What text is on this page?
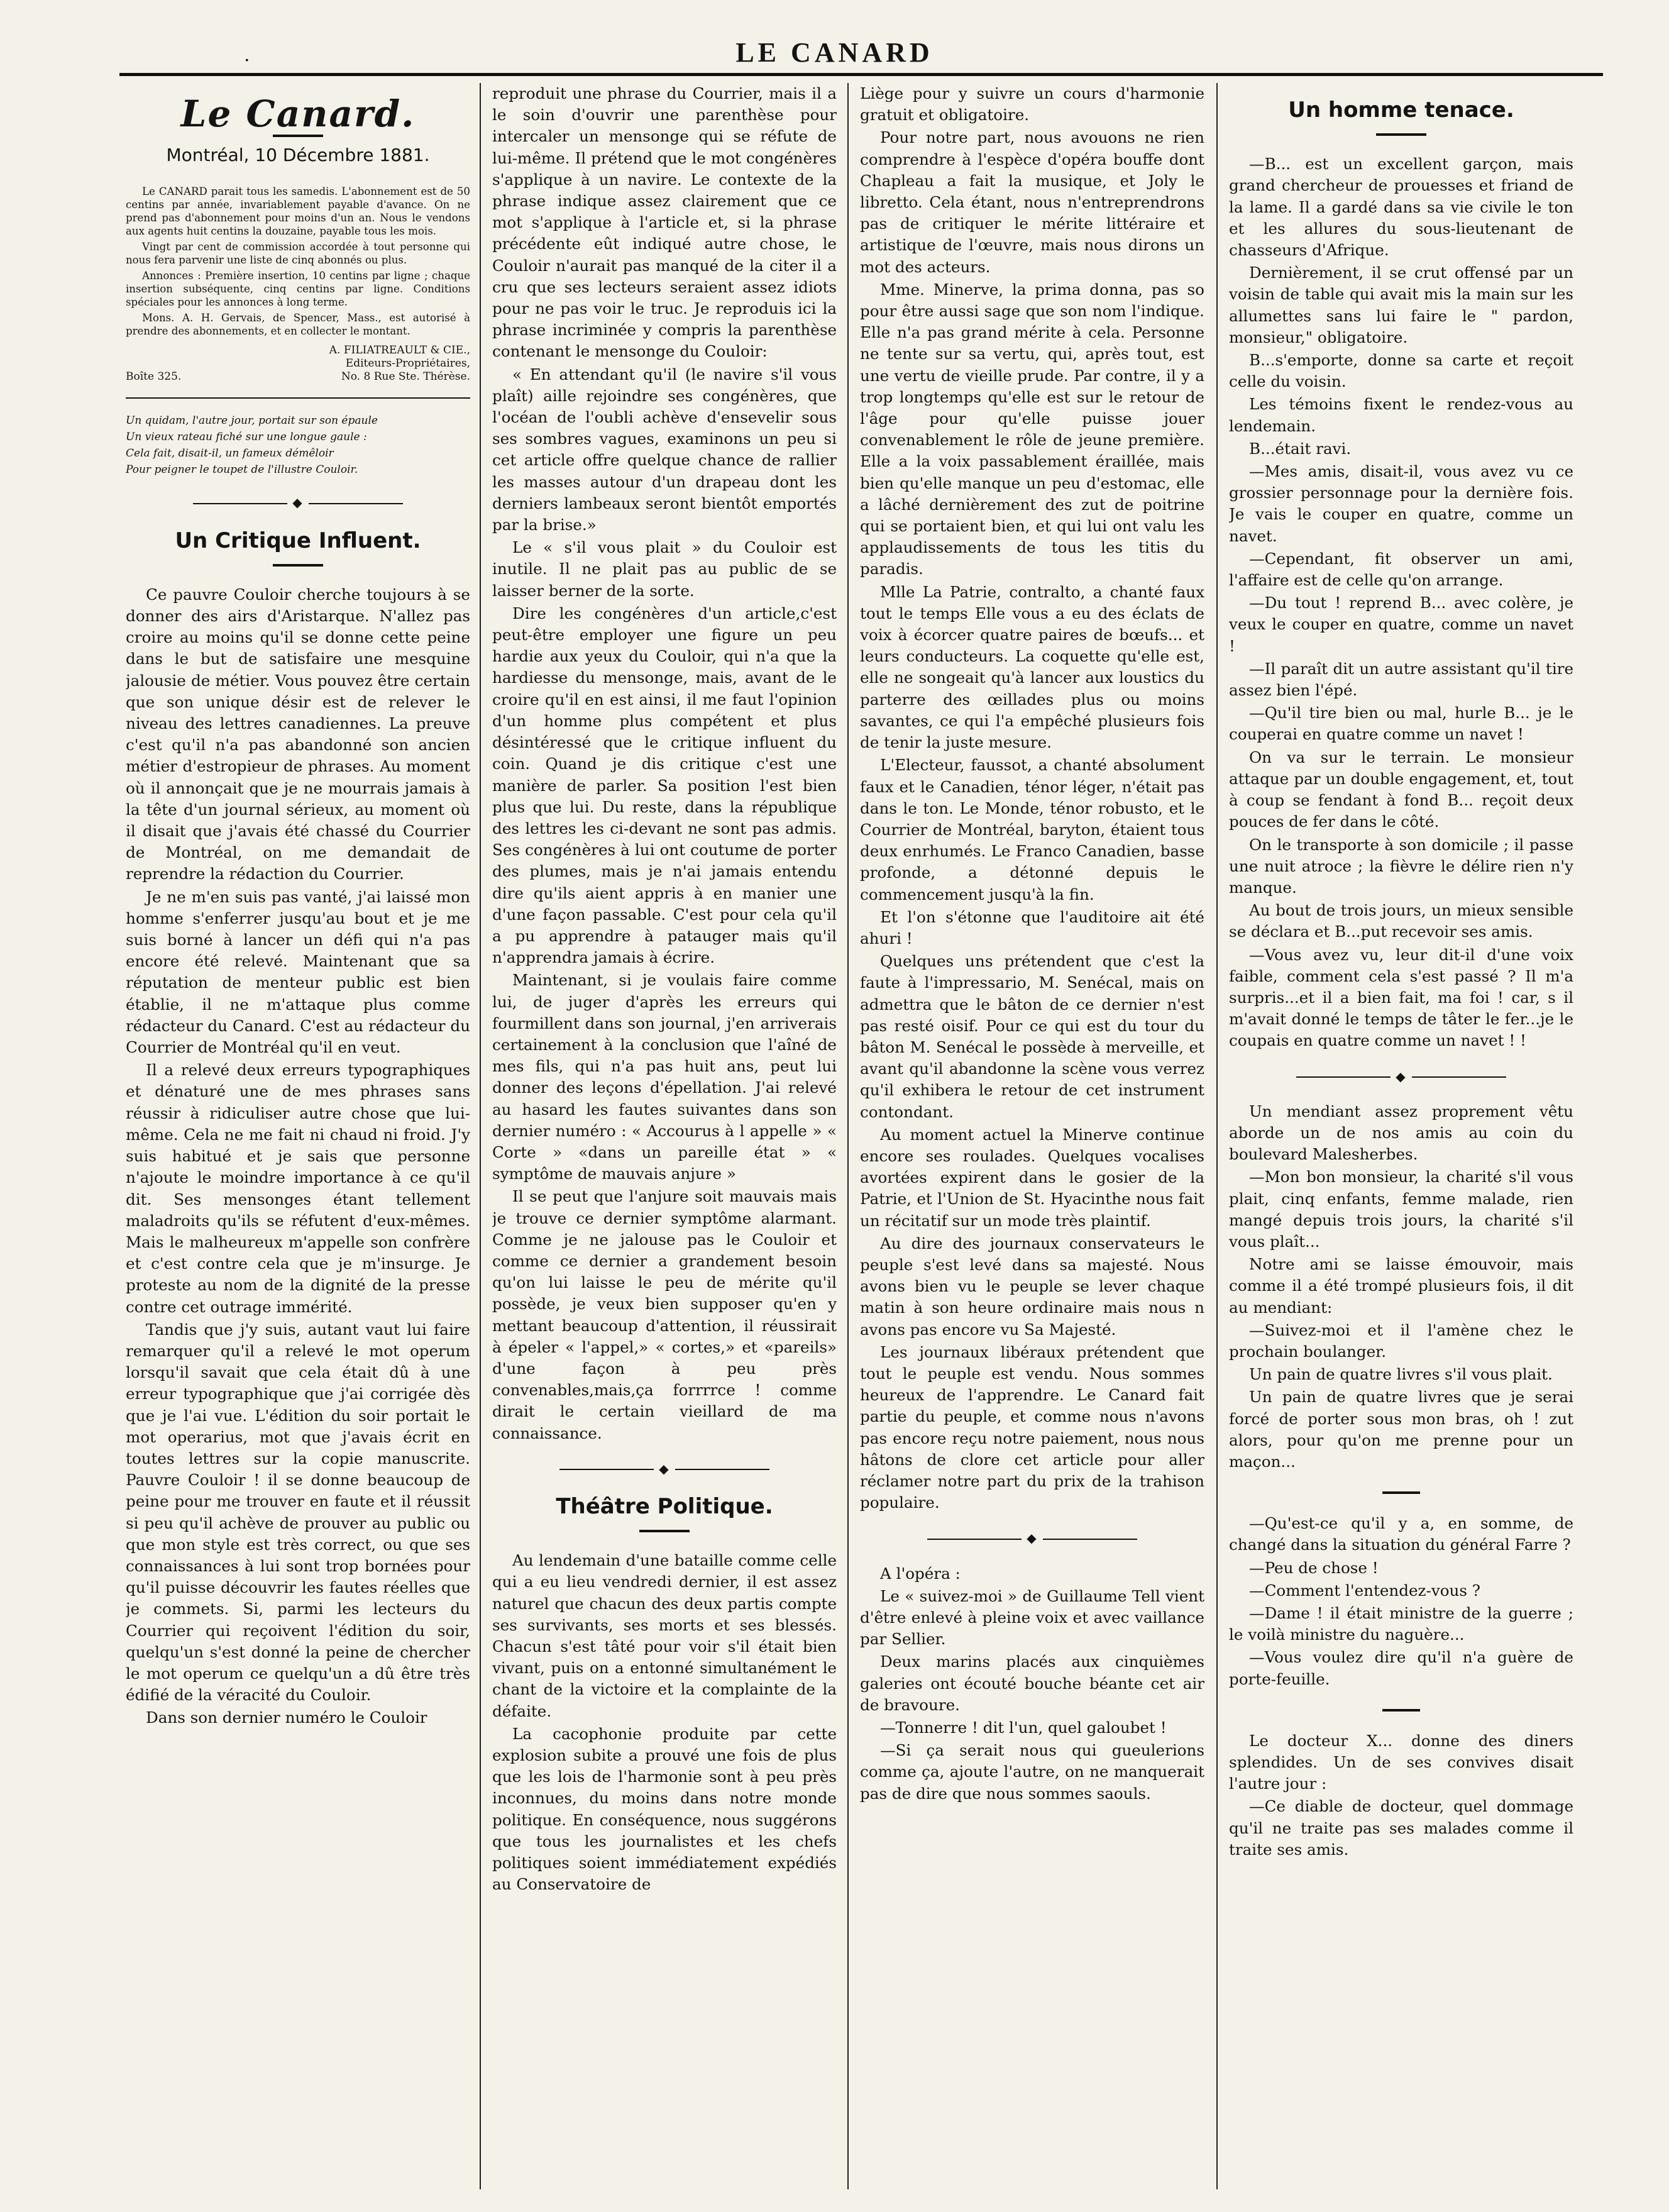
.	LE CANARD
Le Canard.
Montréal, 10 Décembre 1881.

Le CANARD parait tous les samedis. L'abonnement est de 50 centins par année, invariablement payable d'avance. On ne prend pas d'abonnement pour moins d'un an. Nous le vendons aux agents huit centins la douzaine, payable tous les mois.

Vingt par cent de commission accordée à tout personne qui nous fera parvenir une liste de cinq abonnés ou plus.

Annonces : Première insertion, 10 centins par ligne ; chaque insertion subséquente, cinq centins par ligne. Conditions spéciales pour les annonces à long terme.

Mons. A. H. Gervais, de Spencer, Mass., est autorisé à prendre des abonnements, et en collecter le montant.

A. FILIATREAULT & CIE.,
Editeurs-Propriétaires,
Boîte 325.	No. 8 Rue Ste. Thérèse.
Un quidam, l'autre jour, portait sur son épaule
Un vieux rateau fiché sur une longue gaule :
Cela fait, disait-il, un fameux démêloir
Pour peigner le toupet de l'illustre Couloir.
◆
Un Critique Influent.

Ce pauvre Couloir cherche toujours à se donner des airs d'Aristarque. N'allez pas croire au moins qu'il se donne cette peine dans le but de satisfaire une mesquine jalousie de métier. Vous pouvez être certain que son unique désir est de relever le niveau des lettres canadiennes. La preuve c'est qu'il n'a pas abandonné son ancien métier d'estropieur de phrases. Au moment où il annonçait que je ne mourrais jamais à la tête d'un journal sérieux, au moment où il disait que j'avais été chassé du Courrier de Montréal, on me demandait de reprendre la rédaction du Courrier.

Je ne m'en suis pas vanté, j'ai laissé mon homme s'enferrer jusqu'au bout et je me suis borné à lancer un défi qui n'a pas encore été relevé. Maintenant que sa réputation de menteur public est bien établie, il ne m'attaque plus comme rédacteur du Canard. C'est au rédacteur du Courrier de Montréal qu'il en veut.

Il a relevé deux erreurs typographiques et dénaturé une de mes phrases sans réussir à ridiculiser autre chose que lui-même. Cela ne me fait ni chaud ni froid. J'y suis habitué et je sais que personne n'ajoute le moindre importance à ce qu'il dit. Ses mensonges étant tellement maladroits qu'ils se réfutent d'eux-mêmes. Mais le malheureux m'appelle son confrère et c'est contre cela que je m'insurge. Je proteste au nom de la dignité de la presse contre cet outrage immérité.

Tandis que j'y suis, autant vaut lui faire remarquer qu'il a relevé le mot operum lorsqu'il savait que cela était dû à une erreur typographique que j'ai corrigée dès que je l'ai vue. L'édition du soir portait le mot operarius, mot que j'avais écrit en toutes lettres sur la copie manuscrite. Pauvre Couloir ! il se donne beaucoup de peine pour me trouver en faute et il réussit si peu qu'il achève de prouver au public ou que mon style est très correct, ou que ses connaissances à lui sont trop bornées pour qu'il puisse découvrir les fautes réelles que je commets. Si, parmi les lecteurs du Courrier qui reçoivent l'édition du soir, quelqu'un s'est donné la peine de chercher le mot operum ce quelqu'un a dû être très édifié de la véracité du Couloir.

Dans son dernier numéro le Couloir

reproduit une phrase du Courrier, mais il a le soin d'ouvrir une parenthèse pour intercaler un mensonge qui se réfute de lui-même. Il prétend que le mot congénères s'applique à un navire. Le contexte de la phrase indique assez clairement que ce mot s'applique à l'article et, si la phrase précédente eût indiqué autre chose, le Couloir n'aurait pas manqué de la citer il a cru que ses lecteurs seraient assez idiots pour ne pas voir le truc. Je reproduis ici la phrase incriminée y compris la parenthèse contenant le mensonge du Couloir:

« En attendant qu'il (le navire s'il vous plaît) aille rejoindre ses congénères, que l'océan de l'oubli achève d'ensevelir sous ses sombres vagues, examinons un peu si cet article offre quelque chance de rallier les masses autour d'un drapeau dont les derniers lambeaux seront bientôt emportés par la brise.»

Le « s'il vous plait » du Couloir est inutile. Il ne plait pas au public de se laisser berner de la sorte.

Dire les congénères d'un article,c'est peut-être employer une figure un peu hardie aux yeux du Couloir, qui n'a que la hardiesse du mensonge, mais, avant de le croire qu'il en est ainsi, il me faut l'opinion d'un homme plus compétent et plus désintéressé que le critique influent du coin. Quand je dis critique c'est une manière de parler. Sa position l'est bien plus que lui. Du reste, dans la république des lettres les ci-devant ne sont pas admis. Ses congénères à lui ont coutume de porter des plumes, mais je n'ai jamais entendu dire qu'ils aient appris à en manier une d'une façon passable. C'est pour cela qu'il a pu apprendre à patauger mais qu'il n'apprendra jamais à écrire.

Maintenant, si je voulais faire comme lui, de juger d'après les erreurs qui fourmillent dans son journal, j'en arriverais certainement à la conclusion que l'aîné de mes fils, qui n'a pas huit ans, peut lui donner des leçons d'épellation. J'ai relevé au hasard les fautes suivantes dans son dernier numéro : « Accourus à l appelle » « Corte » «dans un pareille état » « symptôme de mauvais anjure »

Il se peut que l'anjure soit mauvais mais je trouve ce dernier symptôme alarmant. Comme je ne jalouse pas le Couloir et comme ce dernier a grandement besoin qu'on lui laisse le peu de mérite qu'il possède, je veux bien supposer qu'en y mettant beaucoup d'attention, il réussirait à épeler « l'appel,» « cortes,» et «pareils» d'une façon à peu près convenables,mais,ça forrrrce ! comme dirait le certain vieillard de ma connaissance.

◆
Théâtre Politique.

Au lendemain d'une bataille comme celle qui a eu lieu vendredi dernier, il est assez naturel que chacun des deux partis compte ses survivants, ses morts et ses blessés. Chacun s'est tâté pour voir s'il était bien vivant, puis on a entonné simultanément le chant de la victoire et la complainte de la défaite.

La cacophonie produite par cette explosion subite a prouvé une fois de plus que les lois de l'harmonie sont à peu près inconnues, du moins dans notre monde politique. En conséquence, nous suggérons que tous les journalistes et les chefs politiques soient immédiatement expédiés au Conservatoire de

Liège pour y suivre un cours d'harmonie gratuit et obligatoire.

Pour notre part, nous avouons ne rien comprendre à l'espèce d'opéra bouffe dont Chapleau a fait la musique, et Joly le libretto. Cela étant, nous n'entreprendrons pas de critiquer le mérite littéraire et artistique de l'œuvre, mais nous dirons un mot des acteurs.

Mme. Minerve, la prima donna, pas so pour être aussi sage que son nom l'indique. Elle n'a pas grand mérite à cela. Personne ne tente sur sa vertu, qui, après tout, est une vertu de vieille prude. Par contre, il y a trop longtemps qu'elle est sur le retour de l'âge pour qu'elle puisse jouer convenablement le rôle de jeune première. Elle a la voix passablement éraillée, mais bien qu'elle manque un peu d'estomac, elle a lâché dernièrement des zut de poitrine qui se portaient bien, et qui lui ont valu les applaudissements de tous les titis du paradis.

Mlle La Patrie, contralto, a chanté faux tout le temps Elle vous a eu des éclats de voix à écorcer quatre paires de bœufs... et leurs conducteurs. La coquette qu'elle est, elle ne songeait qu'à lancer aux loustics du parterre des œillades plus ou moins savantes, ce qui l'a empêché plusieurs fois de tenir la juste mesure.

L'Electeur, faussot, a chanté absolument faux et le Canadien, ténor léger, n'était pas dans le ton. Le Monde, ténor robusto, et le Courrier de Montréal, baryton, étaient tous deux enrhumés. Le Franco Canadien, basse profonde, a détonné depuis le commencement jusqu'à la fin.

Et l'on s'étonne que l'auditoire ait été ahuri !

Quelques uns prétendent que c'est la faute à l'impressario, M. Senécal, mais on admettra que le bâton de ce dernier n'est pas resté oisif. Pour ce qui est du tour du bâton M. Senécal le possède à merveille, et avant qu'il abandonne la scène vous verrez qu'il exhibera le retour de cet instrument contondant.

Au moment actuel la Minerve continue encore ses roulades. Quelques vocalises avortées expirent dans le gosier de la Patrie, et l'Union de St. Hyacinthe nous fait un récitatif sur un mode très plaintif.

Au dire des journaux conservateurs le peuple s'est levé dans sa majesté. Nous avons bien vu le peuple se lever chaque matin à son heure ordinaire mais nous n avons pas encore vu Sa Majesté.

Les journaux libéraux prétendent que tout le peuple est vendu. Nous sommes heureux de l'apprendre. Le Canard fait partie du peuple, et comme nous n'avons pas encore reçu notre paiement, nous nous hâtons de clore cet article pour aller réclamer notre part du prix de la trahison populaire.

◆

A l'opéra :

Le « suivez-moi » de Guillaume Tell vient d'être enlevé à pleine voix et avec vaillance par Sellier.

Deux marins placés aux cinquièmes galeries ont écouté bouche béante cet air de bravoure.

—Tonnerre ! dit l'un, quel galoubet !

—Si ça serait nous qui gueulerions comme ça, ajoute l'autre, on ne manquerait pas de dire que nous sommes saouls.

Un homme tenace.

—B... est un excellent garçon, mais grand chercheur de prouesses et friand de la lame. Il a gardé dans sa vie civile le ton et les allures du sous-lieutenant de chasseurs d'Afrique.

Dernièrement, il se crut offensé par un voisin de table qui avait mis la main sur les allumettes sans lui faire le " pardon, monsieur," obligatoire.

B...s'emporte, donne sa carte et reçoit celle du voisin.

Les témoins fixent le rendez-vous au lendemain.

B...était ravi.

—Mes amis, disait-il, vous avez vu ce grossier personnage pour la dernière fois. Je vais le couper en quatre, comme un navet.

—Cependant, fit observer un ami, l'affaire est de celle qu'on arrange.

—Du tout ! reprend B... avec colère, je veux le couper en quatre, comme un navet !

—Il paraît dit un autre assistant qu'il tire assez bien l'épé.

—Qu'il tire bien ou mal, hurle B... je le couperai en quatre comme un navet !

On va sur le terrain. Le monsieur attaque par un double engagement, et, tout à coup se fendant à fond B... reçoit deux pouces de fer dans le côté.

On le transporte à son domicile ; il passe une nuit atroce ; la fièvre le délire rien n'y manque.

Au bout de trois jours, un mieux sensible se déclara et B...put recevoir ses amis.

—Vous avez vu, leur dit-il d'une voix faible, comment cela s'est passé ? Il m'a surpris...et il a bien fait, ma foi ! car, s il m'avait donné le temps de tâter le fer...je le coupais en quatre comme un navet ! !

◆

Un mendiant assez proprement vêtu aborde un de nos amis au coin du boulevard Malesherbes.

—Mon bon monsieur, la charité s'il vous plait, cinq enfants, femme malade, rien mangé depuis trois jours, la charité s'il vous plaît...

Notre ami se laisse émouvoir, mais comme il a été trompé plusieurs fois, il dit au mendiant:

—Suivez-moi et il l'amène chez le prochain boulanger.

Un pain de quatre livres s'il vous plait.

Un pain de quatre livres que je serai forcé de porter sous mon bras, oh ! zut alors, pour qu'on me prenne pour un maçon...

—Qu'est-ce qu'il y a, en somme, de changé dans la situation du général Farre ?

—Peu de chose !

—Comment l'entendez-vous ?

—Dame ! il était ministre de la guerre ; le voilà ministre du naguère...

—Vous voulez dire qu'il n'a guère de porte-feuille.

Le docteur X... donne des diners splendides. Un de ses convives disait l'autre jour :

—Ce diable de docteur, quel dommage qu'il ne traite pas ses malades comme il traite ses amis.
